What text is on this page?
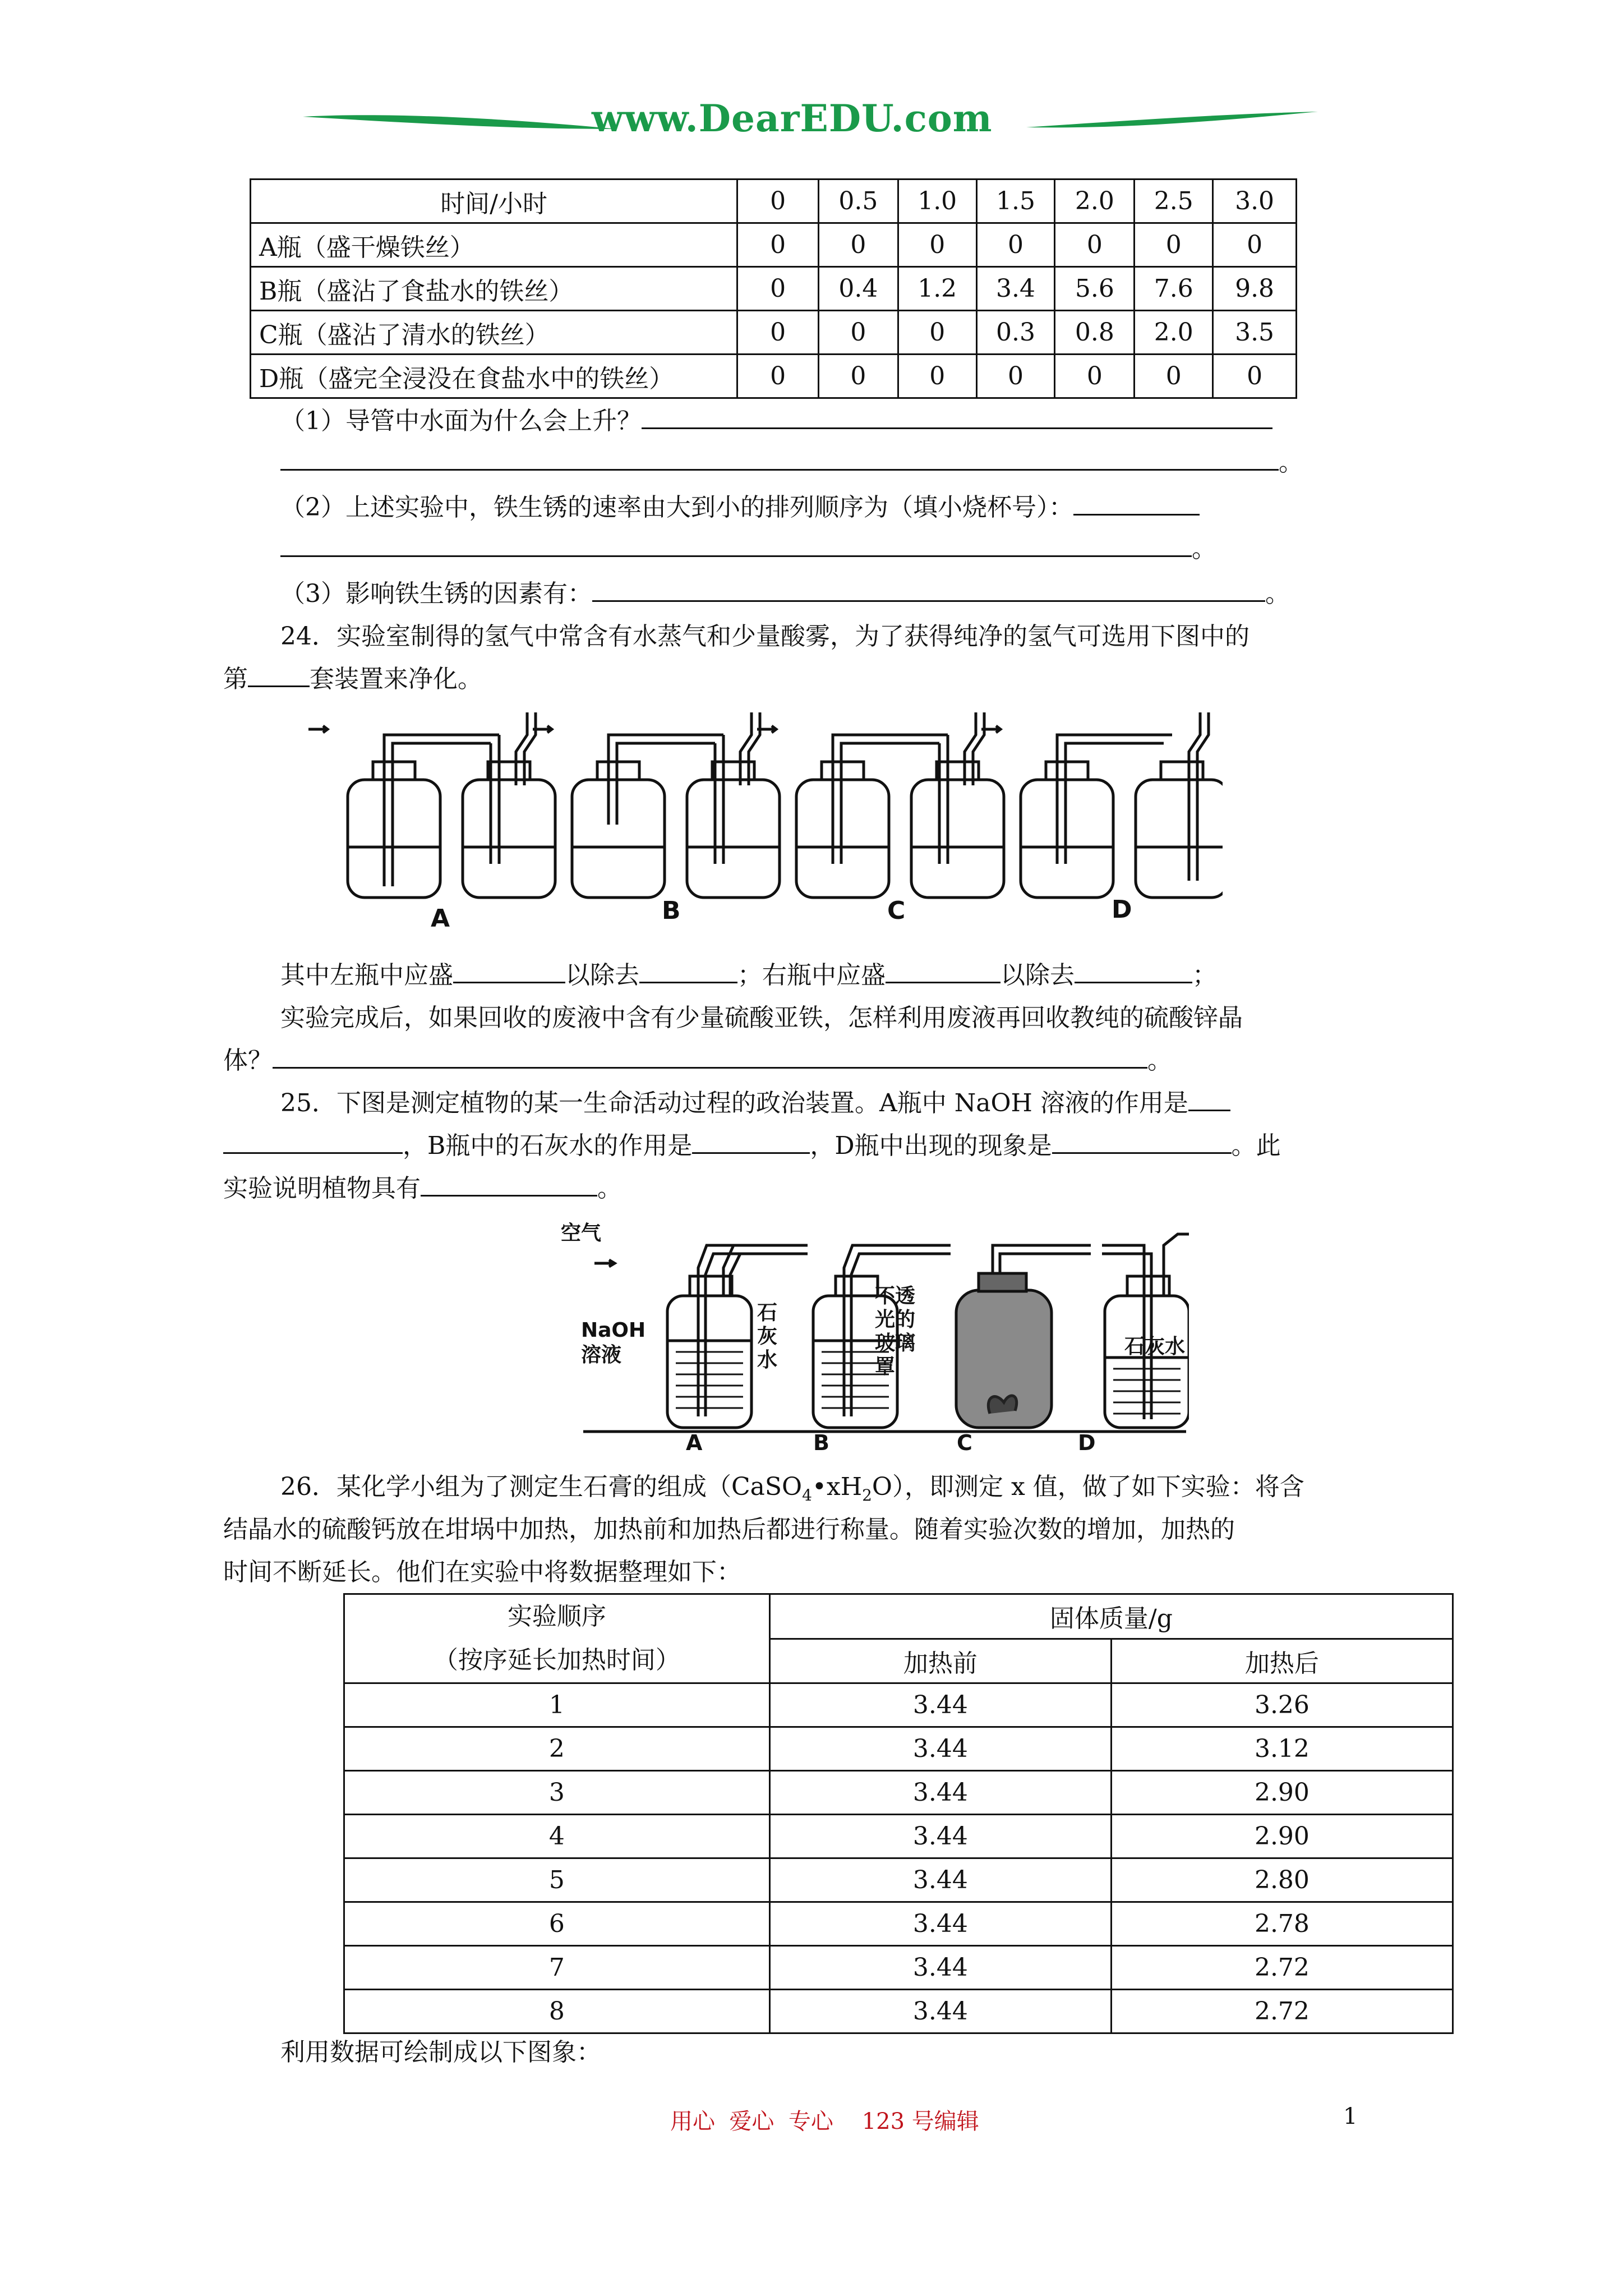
www.DearEDU.com
时间/小时	0	0.5	1.0	1.5	2.0	2.5	3.0
A瓶（盛干燥铁丝）	0	0	0	0	0	0	0
B瓶（盛沾了食盐水的铁丝）	0	0.4	1.2	3.4	5.6	7.6	9.8
C瓶（盛沾了清水的铁丝）	0	0	0	0.3	0.8	2.0	3.5
D瓶（盛完全浸没在食盐水中的铁丝）	0	0	0	0	0	0	0
（1）导管中水面为什么会上升？
。
（2）上述实验中，铁生锈的速率由大到小的排列顺序为（填小烧杯号）：
。
（3）影响铁生锈的因素有：	。
24．实验室制得的氢气中常含有水蒸气和少量酸雾，为了获得纯净的氢气可选用下图中的
第	套装置来净化。
A	B	C	D
其中左瓶中应盛	以除去	；右瓶中应盛	以除去	；
实验完成后，如果回收的废液中含有少量硫酸亚铁，怎样利用废液再回收教纯的硫酸锌晶
体？	。
25．下图是测定植物的某一生命活动过程的政治装置。A瓶中 NaOH 溶液的作用是
，B瓶中的石灰水的作用是	，D瓶中出现的现象是	。此
实验说明植物具有	。
空气
NaOH
溶液
石
灰
水
不透
光的
玻璃
罩
石灰水
A	B	C	D
26．某化学小组为了测定生石膏的组成$(CaSO_4•xH_2O)$，即测定 x 值，做了如下实验：将含
结晶水的硫酸钙放在坩埚中加热，加热前和加热后都进行称量。随着实验次数的增加，加热的
时间不断延长。他们在实验中将数据整理如下：
实验顺序
（按序延长加热时间）	固体质量/g	
	加热前	加热后
1	3.44	3.26
2	3.44	3.12
3	3.44	2.90
4	3.44	2.90
5	3.44	2.80
6	3.44	2.78
7	3.44	2.72
8	3.44	2.72
利用数据可绘制成以下图象：
用心  爱心  专心    123 号编辑	1
